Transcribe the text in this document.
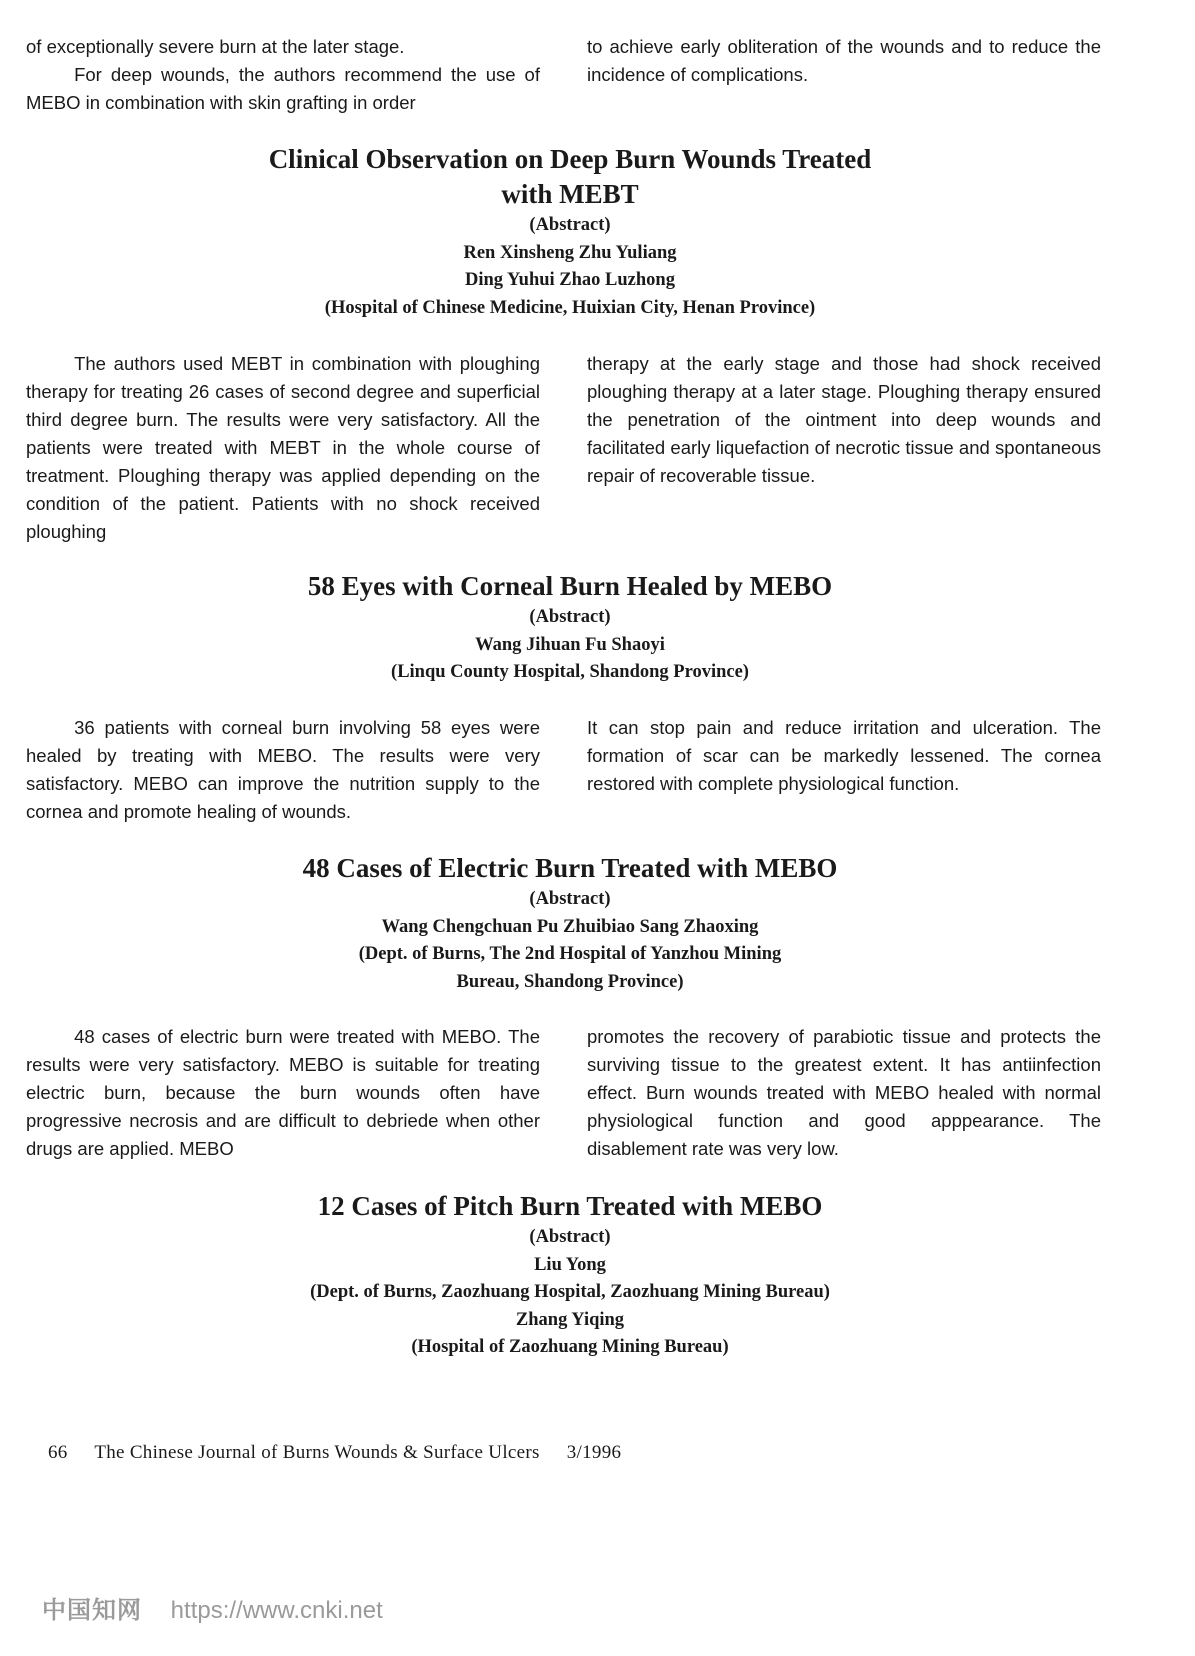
of exceptionally severe burn at the later stage.

For deep wounds, the authors recommend the use of MEBO in combination with skin grafting in order

to achieve early obliteration of the wounds and to reduce the incidence of complications.

Clinical Observation on Deep Burn Wounds Treated
with MEBT
(Abstract)
Ren Xinsheng Zhu Yuliang
Ding Yuhui Zhao Luzhong
(Hospital of Chinese Medicine, Huixian City, Henan Province)

The authors used MEBT in combination with ploughing therapy for treating 26 cases of second degree and superficial third degree burn. The results were very satisfactory. All the patients were treated with MEBT in the whole course of treatment. Ploughing therapy was applied depending on the condition of the patient. Patients with no shock received ploughing

therapy at the early stage and those had shock received ploughing therapy at a later stage. Ploughing therapy ensured the penetration of the ointment into deep wounds and facilitated early liquefaction of necrotic tissue and spontaneous repair of recoverable tissue.

58 Eyes with Corneal Burn Healed by MEBO
(Abstract)
Wang Jihuan Fu Shaoyi
(Linqu County Hospital, Shandong Province)

36 patients with corneal burn involving 58 eyes were healed by treating with MEBO. The results were very satisfactory. MEBO can improve the nutrition supply to the cornea and promote healing of wounds.

It can stop pain and reduce irritation and ulceration. The formation of scar can be markedly lessened. The cornea restored with complete physiological function.

48 Cases of Electric Burn Treated with MEBO
(Abstract)
Wang Chengchuan Pu Zhuibiao Sang Zhaoxing
(Dept. of Burns, The 2nd Hospital of Yanzhou Mining
Bureau, Shandong Province)

48 cases of electric burn were treated with MEBO. The results were very satisfactory. MEBO is suitable for treating electric burn, because the burn wounds often have progressive necrosis and are difficult to debriede when other drugs are applied. MEBO

promotes the recovery of parabiotic tissue and protects the surviving tissue to the greatest extent. It has antiinfection effect. Burn wounds treated with MEBO healed with normal physiological function and good apppearance. The disablement rate was very low.

12 Cases of Pitch Burn Treated with MEBO
(Abstract)
Liu Yong
(Dept. of Burns, Zaozhuang Hospital, Zaozhuang Mining Bureau)
Zhang Yiqing
(Hospital of Zaozhuang Mining Bureau)
66 The Chinese Journal of Burns Wounds & Surface Ulcers 3/1996
中国知网 https://www.cnki.net
